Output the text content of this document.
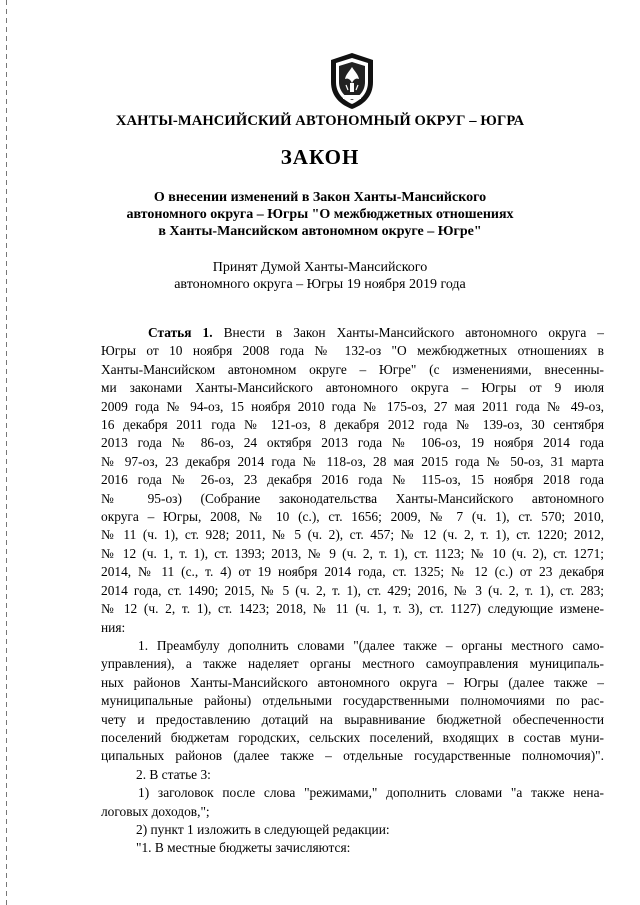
ХАНТЫ-МАНСИЙСКИЙ АВТОНОМНЫЙ ОКРУГ – ЮГРА
ЗАКОН
О внесении изменений в Закон Ханты-Мансийского
автономного округа – Югры "О межбюджетных отношениях
в Ханты-Мансийском автономном округе – Югре"
Принят Думой Ханты-Мансийского
автономного округа – Югры 19 ноября 2019 года
Статья 1. Внести в Закон Ханты-Мансийского автономного округа –
Югры от 10 ноября 2008 года № 132-оз "О межбюджетных отношениях в
Ханты-Мансийском автономном округе – Югре" (с изменениями, внесенны-
ми законами Ханты-Мансийского автономного округа – Югры от 9 июля
2009 года № 94-оз, 15 ноября 2010 года № 175-оз, 27 мая 2011 года № 49-оз,
16 декабря 2011 года № 121-оз, 8 декабря 2012 года № 139-оз, 30 сентября
2013 года № 86-оз, 24 октября 2013 года № 106-оз, 19 ноября 2014 года
№ 97-оз, 23 декабря 2014 года № 118-оз, 28 мая 2015 года № 50-оз, 31 марта
2016 года № 26-оз, 23 декабря 2016 года № 115-оз, 15 ноября 2018 года
№ 95-оз) (Собрание законодательства Ханты-Мансийского автономного
округа – Югры, 2008, № 10 (с.), ст. 1656; 2009, № 7 (ч. 1), ст. 570; 2010,
№ 11 (ч. 1), ст. 928; 2011, № 5 (ч. 2), ст. 457; № 12 (ч. 2, т. 1), ст. 1220; 2012,
№ 12 (ч. 1, т. 1), ст. 1393; 2013, № 9 (ч. 2, т. 1), ст. 1123; № 10 (ч. 2), ст. 1271;
2014, № 11 (с., т. 4) от 19 ноября 2014 года, ст. 1325; № 12 (с.) от 23 декабря
2014 года, ст. 1490; 2015, № 5 (ч. 2, т. 1), ст. 429; 2016, № 3 (ч. 2, т. 1), ст. 283;
№ 12 (ч. 2, т. 1), ст. 1423; 2018, № 11 (ч. 1, т. 3), ст. 1127) следующие измене-
ния:
1. Преамбулу дополнить словами "(далее также – органы местного само-
управления), а также наделяет органы местного самоуправления муниципаль-
ных районов Ханты-Мансийского автономного округа – Югры (далее также –
муниципальные районы) отдельными государственными полномочиями по рас-
чету и предоставлению дотаций на выравнивание бюджетной обеспеченности
поселений бюджетам городских, сельских поселений, входящих в состав муни-
ципальных районов (далее также – отдельные государственные полномочия)".
2. В статье 3:
1) заголовок после слова "режимами," дополнить словами "а также нена-
логовых доходов,";
2) пункт 1 изложить в следующей редакции:
"1. В местные бюджеты зачисляются:
